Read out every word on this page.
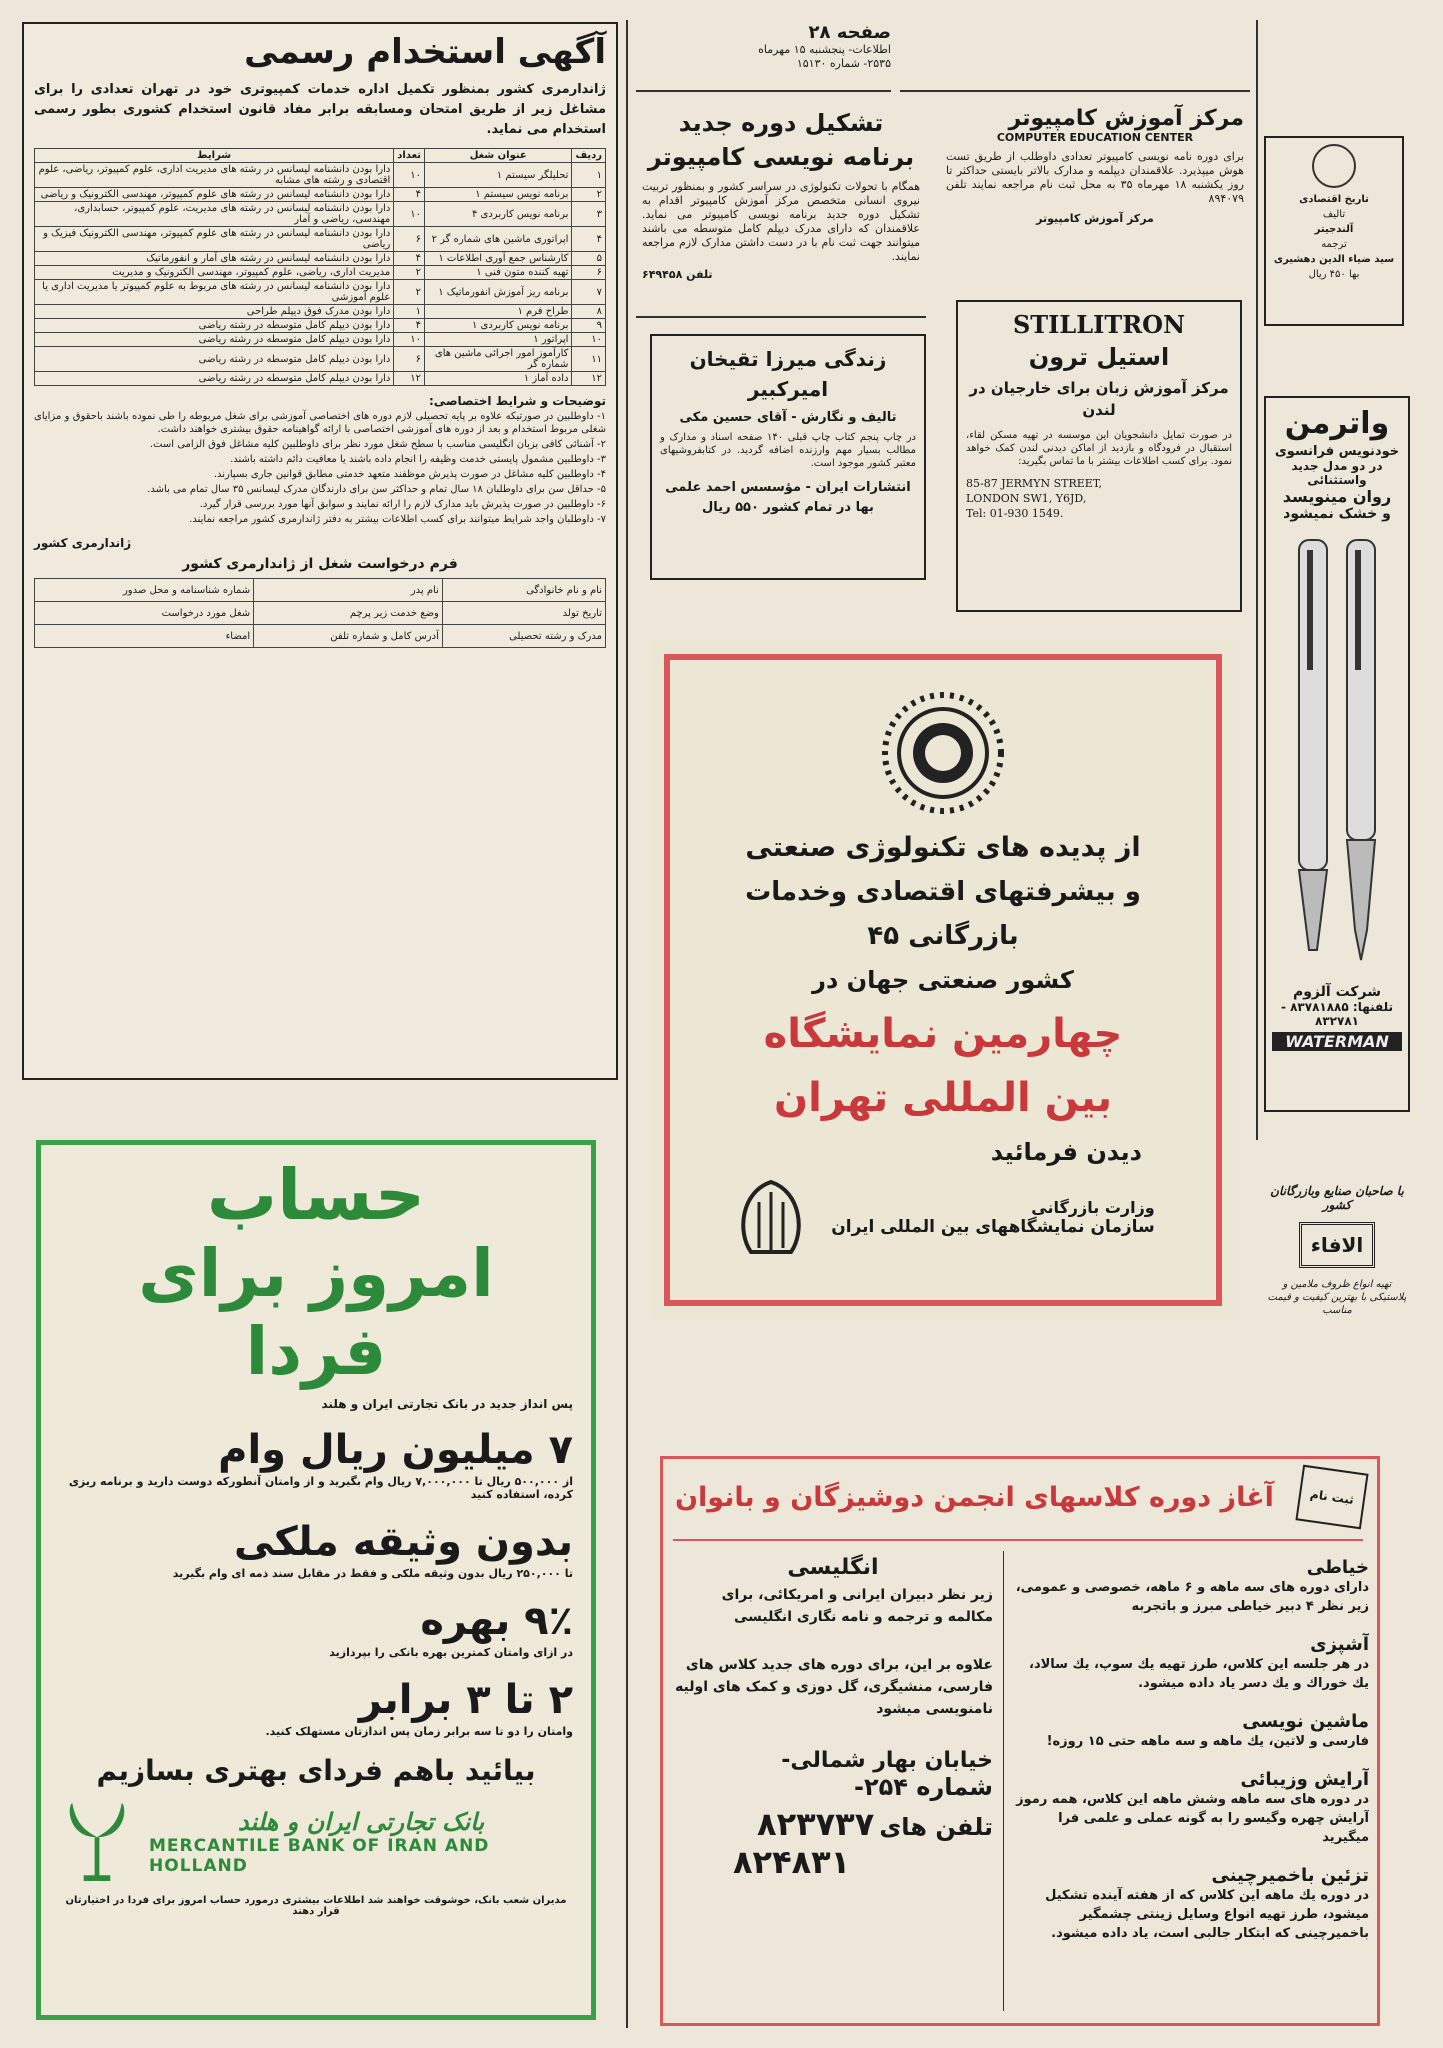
آگهی استخدام رسمی
ژاندارمری کشور بمنظور تکمیل اداره خدمات کمپیوتری خود در تهران تعدادی را برای مشاغل زیر از طریق امتحان ومسابقه برابر مفاد قانون استخدام کشوری بطور رسمی استخدام می نماید.
ردیف	عنوان شغل	تعداد	شرایط
۱	تحلیلگر سیستم ۱	۱۰	دارا بودن دانشنامه لیسانس در رشته های مدیریت اداری، علوم کمپیوتر، ریاضی، علوم اقتصادی و رشته های مشابه
۲	برنامه نویس سیستم ۱	۴	دارا بودن دانشنامه لیسانس در رشته های علوم کمپیوتر، مهندسی الکترونیک و ریاضی
۳	برنامه نویس کاربردی ۴	۱۰	دارا بودن دانشنامه لیسانس در رشته های مدیریت، علوم کمپیوتر، حسابداری، مهندسی، ریاضی و آمار
۴	اپراتوری ماشین های شماره گر ۲	۶	دارا بودن دانشنامه لیسانس در رشته های علوم کمپیوتر، مهندسی الکترونیک فیزیک و ریاضی
۵	کارشناس جمع آوری اطلاعات ۱	۴	دارا بودن دانشنامه لیسانس در رشته های آمار و انفورماتیک
۶	تهیه کننده متون فنی ۱	۲	مدیریت اداری، ریاضی، علوم کمپیوتر، مهندسی الکترونیک و مدیریت
۷	برنامه ریز آموزش انفورماتیک ۱	۲	دارا بودن دانشنامه لیسانس در رشته های مربوط به علوم کمپیوتر یا مدیریت اداری یا علوم آموزشی
۸	طراح فرم ۱	۱	دارا بودن مدرک فوق دیپلم طراحی
۹	برنامه نویس کاربردی ۱	۴	دارا بودن دیپلم کامل متوسطه در رشته ریاضی
۱۰	اپراتور ۱	۱۰	دارا بودن دیپلم کامل متوسطه در رشته ریاضی
۱۱	کارآموز امور اجرائی ماشین های شماره گر	۶	دارا بودن دیپلم کامل متوسطه در رشته ریاضی
۱۲	داده آماز ۱	۱۲	دارا بودن دیپلم کامل متوسطه در رشته ریاضی
توضیحات و شرایط اختصاصی:
۱- داوطلبین در صورتیکه علاوه بر پایه تحصیلی لازم دوره های اختصاصی آموزشی برای شغل مربوطه را طی نموده باشند باحقوق و مزایای شغلی مربوط استخدام و بعد از دوره های آموزشی اختصاصی با ارائه گواهینامه حقوق بیشتری خواهند داشت.
۲- آشنائی کافی بزبان انگلیسی مناسب با سطح شغل مورد نظر برای داوطلبین کلیه مشاغل فوق الزامی است.
۳- داوطلبین مشمول پایستی خدمت وظیفه را انجام داده باشند یا معافیت دائم داشته باشند.
۴- داوطلبین کلیه مشاغل در صورت پذیرش موظفند متعهد خدمتی مطابق قوانین جاری بسپارند.
۵- حداقل سن برای داوطلبان ۱۸ سال تمام و حداکثر سن برای دارندگان مدرک لیسانس ۳۵ سال تمام می باشد.
۶- داوطلبین در صورت پذیرش باید مدارک لازم را ارائه نمایند و سوابق آنها مورد بررسی قرار گیرد.
۷- داوطلبان واجد شرایط میتوانند برای کسب اطلاعات بیشتر به دفتر ژاندارمری کشور مراجعه نمایند.
ژاندارمری کشور
فرم درخواست شغل از ژاندارمری کشور
نام و نام خانوادگی	نام پدر	شماره شناسنامه و محل صدور
تاریخ تولد	وضع خدمت زیر پرچم	شغل مورد درخواست
مدرک و رشته تحصیلی	آدرس کامل و شماره تلفن	امضاء
حساب
امروز برای فردا
پس انداز جدید در بانک تجارتی ایران و هلند
۷ میلیون ریال وام
از ۵۰۰,۰۰۰ ریال تا ۷,۰۰۰,۰۰۰ ریال وام بگیرید و از وامتان آنطورکه دوست دارید و برنامه ریزی کرده، استفاده کنید
بدون وثیقه ملکی
تا ۲۵۰,۰۰۰ ریال بدون وثیقه ملکی و فقط در مقابل سند ذمه ای وام بگیرید
۹٪ بهره
در ازای وامتان کمترین بهره بانکی را بپردازید
۲ تا ۳ برابر
وامتان را دو تا سه برابر زمان پس اندازتان مستهلک کنید.
بیائید باهم فردای بهتری بسازیم
بانک تجارتی ایران و هلند
MERCANTILE BANK OF IRAN AND HOLLAND
مدیران شعب بانک، خوشوقت خواهند شد اطلاعات بیشتری درمورد حساب امروز برای فردا در اختیارتان قرار دهند
صفحه ۲۸
اطلاعات- پنجشنبه ۱۵ مهرماه
۲۵۳۵- شماره ۱۵۱۳۰
تشکیل دوره جدید برنامه نویسی کامپیوتر
همگام با تحولات تکنولوژی در سراسر کشور و بمنظور تربیت نیروی انسانی متخصص مرکز آموزش کامپیوتر اقدام به تشکیل دوره جدید برنامه نویسی کامپیوتر می نماید. علاقمندان که دارای مدرک دیپلم کامل متوسطه می باشند میتوانند جهت ثبت نام با در دست داشتن مدارک لازم مراجعه نمایند.
تلفن ۶۴۹۴۵۸
مرکز آموزش کامپیوتر
COMPUTER EDUCATION CENTER
برای دوره نامه نویسی کامپیوتر تعدادی داوطلب از طریق تست هوش میپذیرد. علاقمندان دیپلمه و مدارک بالاتر بایستی حداکثر تا روز یکشنبه ۱۸ مهرماه ۳۵ به محل ثبت نام مراجعه نمایند تلفن ۸۹۴۰۷۹
مرکز آموزش کامپیوتر
STILLITRON
استیل ترون
مرکز آموزش زبان برای خارجیان در لندن
در صورت تمایل دانشجویان این موسسه در تهیه مسکن لقاء، استقبال در فرودگاه و بازدید از اماکن دیدنی لندن کمک خواهد نمود. برای کسب اطلاعات بیشتر با ما تماس بگیرید:
85-87 JERMYN STREET,
LONDON SW1, Y6JD,
Tel: 01-930 1549.
زندگی میرزا تقیخان امیرکبیر
تالیف و نگارش - آقای حسین مکی
در چاپ پنجم کتاب چاپ قبلی ۱۴۰ صفحه اسناد و مدارک و مطالب بسیار مهم وارزنده اضافه گردید. در کتابفروشیهای معتبر کشور موجود است.
انتشارات ایران - مؤسسس احمد علمی بها در تمام کشور ۵۵۰ ریال
تاریخ اقتصادی
تالیف
آلندجیتر
ترجمه
سید ضیاء الدین دهشیری
بها ۴۵۰ ریال
واترمن
خودنویس فرانسوی
در دو مدل جدید واستثنائی
روان مینویسد
و خشک نمیشود
شرکت آلزوم
تلفنها: ۸۳۷۸۱۸۸۵ - ۸۳۲۷۸۱
WATERMAN
از پدیده های تکنولوژی صنعتی
و بیشرفتهای اقتصادی وخدمات بازرگانی ۴۵
کشور صنعتی جهان در
چهارمین نمایشگاه
بین المللی تهران
دیدن فرمائید
وزارت بازرگانی
سازمان نمایشگاههای بین المللی ایران
با صاحبان صنایع وبازرگانان کشور
الافاء
تهیه انواع ظروف ملامین و پلاستیکی با بهترین کیفیت و قیمت مناسب
ثبت نام
آغاز دوره کلاسهای انجمن دوشیزگان و بانوان
انگلیسی
زیر نظر دبیران ایرانی و امریکائی، برای مکالمه و ترجمه و نامه نگاری انگلیسی
علاوه بر این، برای دوره های جدید کلاس های فارسی، منشیگری، گل دوزی و کمک های اولیه نامنویسی میشود
خیابان بهار شمالی-
شماره ۲۵۴-
تلفن های ۸۲۳۷۳۷
۸۲۴۸۳۱
خیاطی
دارای دوره های سه ماهه و ۶ ماهه، خصوصی و عمومی، زیر نظر ۴ دبیر خیاطی مبرز و باتجربه
آشپزی
در هر جلسه این کلاس، طرز تهیه یك سوپ، یك سالاد، یك خوراك و یك دسر یاد داده میشود.
ماشین نویسی
فارسی و لاتین، یك ماهه و سه ماهه حتی ۱۵ روزه!
آرایش وزیبائی
در دوره های سه ماهه وشش ماهه این کلاس، همه رموز آرایش چهره وگیسو را به گونه عملی و علمی فرا میگیرید
تزئین باخمیرچینی
در دوره یك ماهه این کلاس که از هفته آینده تشکیل میشود، طرز تهیه انواع وسایل زینتی چشمگیر باخمیرچینی که ابتکار جالبی است، یاد داده میشود.
